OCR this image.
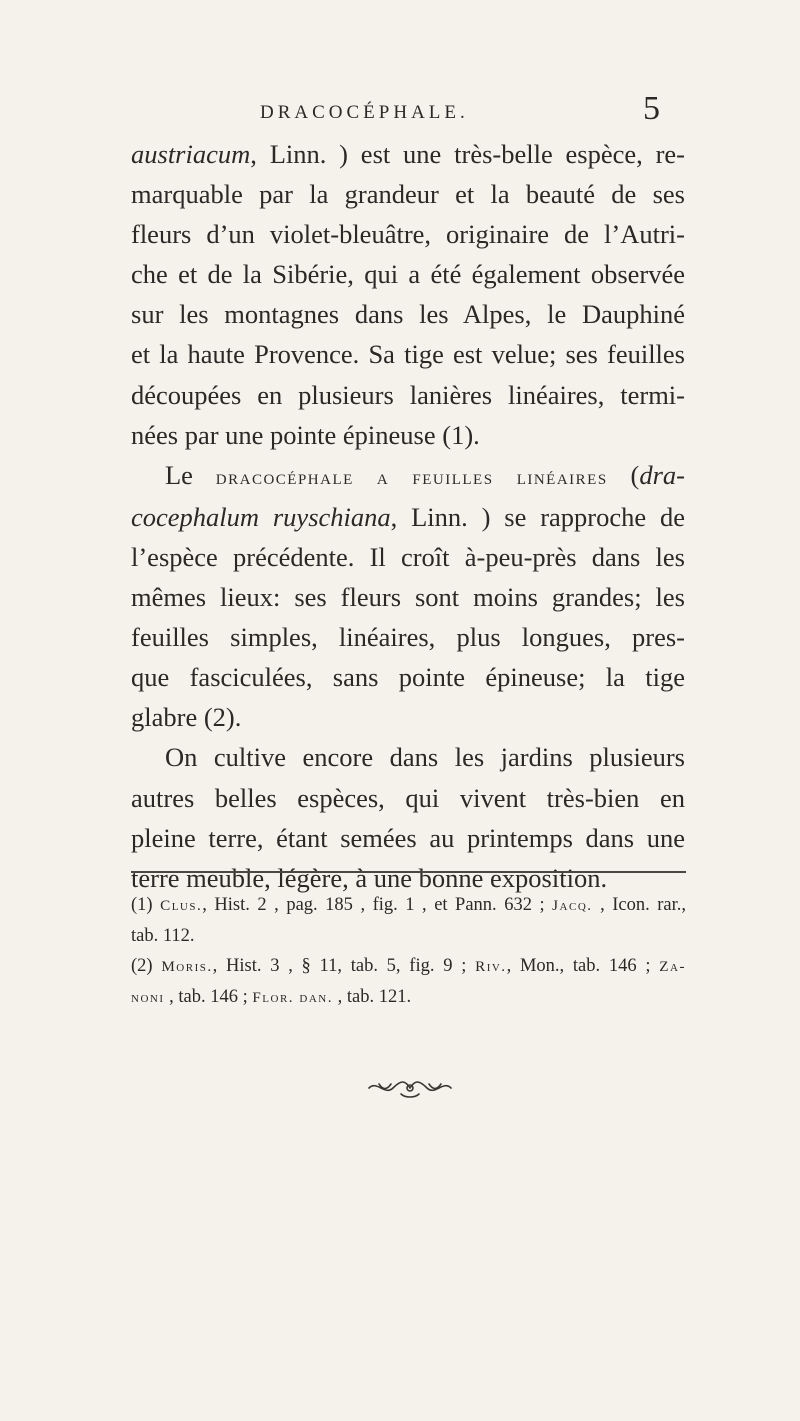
DRACOCÉPHALE.	5
austriacum, Linn. ) est une très-belle espèce, re-
marquable par la grandeur et la beauté de ses
fleurs d’un violet-bleuâtre, originaire de l’Autri-
che et de la Sibérie, qui a été également observée
sur les montagnes dans les Alpes, le Dauphiné
et la haute Provence. Sa tige est velue; ses feuilles
découpées en plusieurs lanières linéaires, termi-
nées par une pointe épineuse (1).
Le dracocéphale a feuilles linéaires (dra-
cocephalum ruyschiana, Linn. ) se rapproche de
l’espèce précédente. Il croît à-peu-près dans les
mêmes lieux: ses fleurs sont moins grandes; les
feuilles simples, linéaires, plus longues, pres-
que fasciculées, sans pointe épineuse; la tige
glabre (2).
On cultive encore dans les jardins plusieurs
autres belles espèces, qui vivent très-bien en
pleine terre, étant semées au printemps dans une
terre meuble, légère, à une bonne exposition.
(1) Clus., Hist. 2 , pag. 185 , fig. 1 , et Pann. 632 ; Jacq. , Icon. rar.,
tab. 112.
(2) Moris., Hist. 3 , § 11, tab. 5, fig. 9 ; Riv., Mon., tab. 146 ; Za-
noni , tab. 146 ; Flor. dan. , tab. 121.
